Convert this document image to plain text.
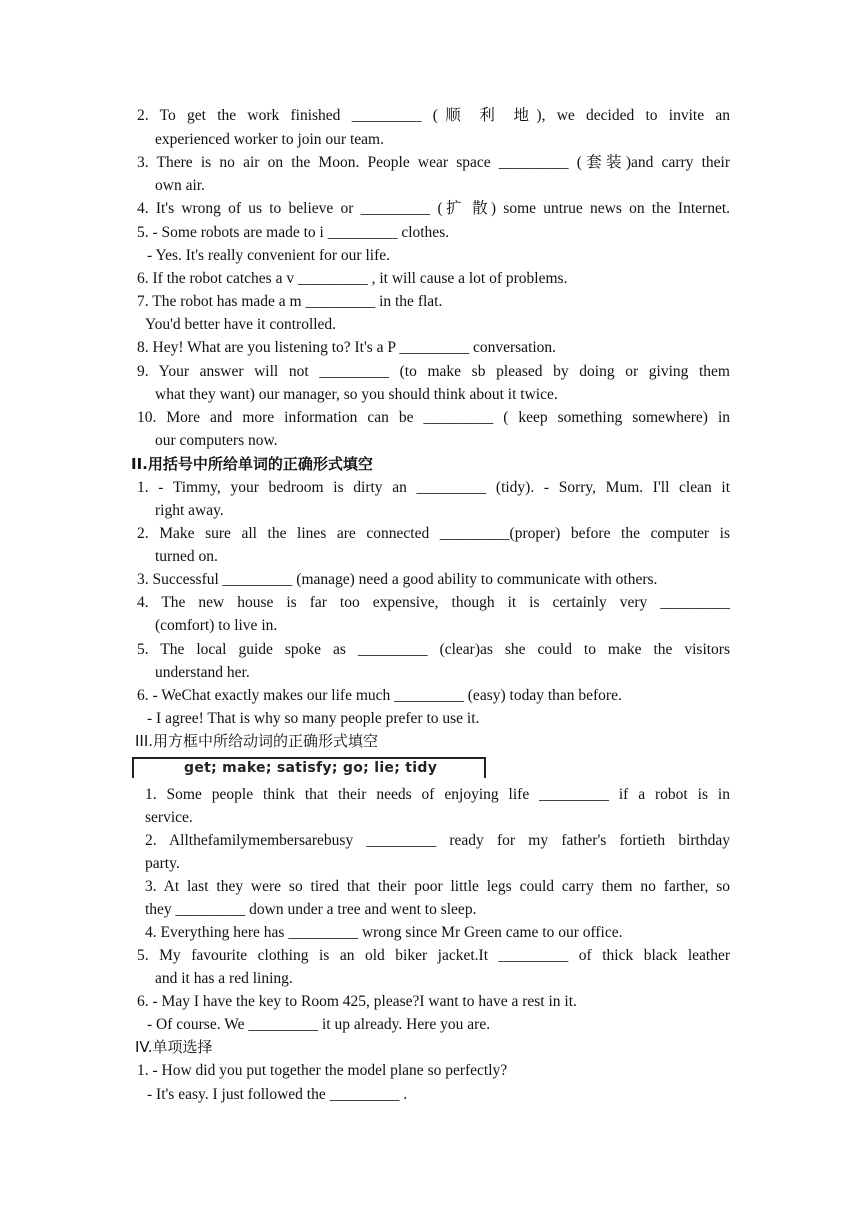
2. To get the work finished _________ (顺 利 地), we decided to invite an
experienced worker to join our team.
3. There is no air on the Moon. People wear space _________ (套装)and carry their
own air.
4. It's wrong of us to believe or _________ (扩 散) some untrue news on the Internet.
5. - Some robots are made to i _________ clothes.
- Yes. It's really convenient for our life.
6. If the robot catches a v _________ , it will cause a lot of problems.
7. The robot has made a m _________ in the flat.
You'd better have it controlled.
8. Hey! What are you listening to? It's a P _________ conversation.
9. Your answer will not _________ (to make sb pleased by doing or giving them
what they want) our manager, so you should think about it twice.
10. More and more information can be _________ ( keep something somewhere) in
our computers now.
II.用括号中所给单词的正确形式填空
1. - Timmy, your bedroom is dirty an _________ (tidy). - Sorry, Mum. I'll clean it
right away.
2. Make sure all the lines are connected _________(proper) before the computer is
turned on.
3. Successful _________ (manage) need a good ability to communicate with others.
4. The new house is far too expensive, though it is certainly very _________
(comfort) to live in.
5. The local guide spoke as _________ (clear)as she could to make the visitors
understand her.
6. - WeChat exactly makes our life much _________ (easy) today than before.
- I agree! That is why so many people prefer to use it.
III.用方框中所给动词的正确形式填空
get; make; satisfy; go; lie; tidy
1. Some people think that their needs of enjoying life _________ if a robot is in
service.
2. Allthefamilymembersarebusy _________ ready for my father's fortieth birthday
party.
3. At last they were so tired that their poor little legs could carry them no farther, so
they _________ down under a tree and went to sleep.
4. Everything here has _________ wrong since Mr Green came to our office.
5. My favourite clothing is an old biker jacket.It _________ of thick black leather
and it has a red lining.
6. - May I have the key to Room 425, please?I want to have a rest in it.
- Of course. We _________ it up already. Here you are.
IV.单项选择
1. - How did you put together the model plane so perfectly?
- It's easy. I just followed the _________ .
